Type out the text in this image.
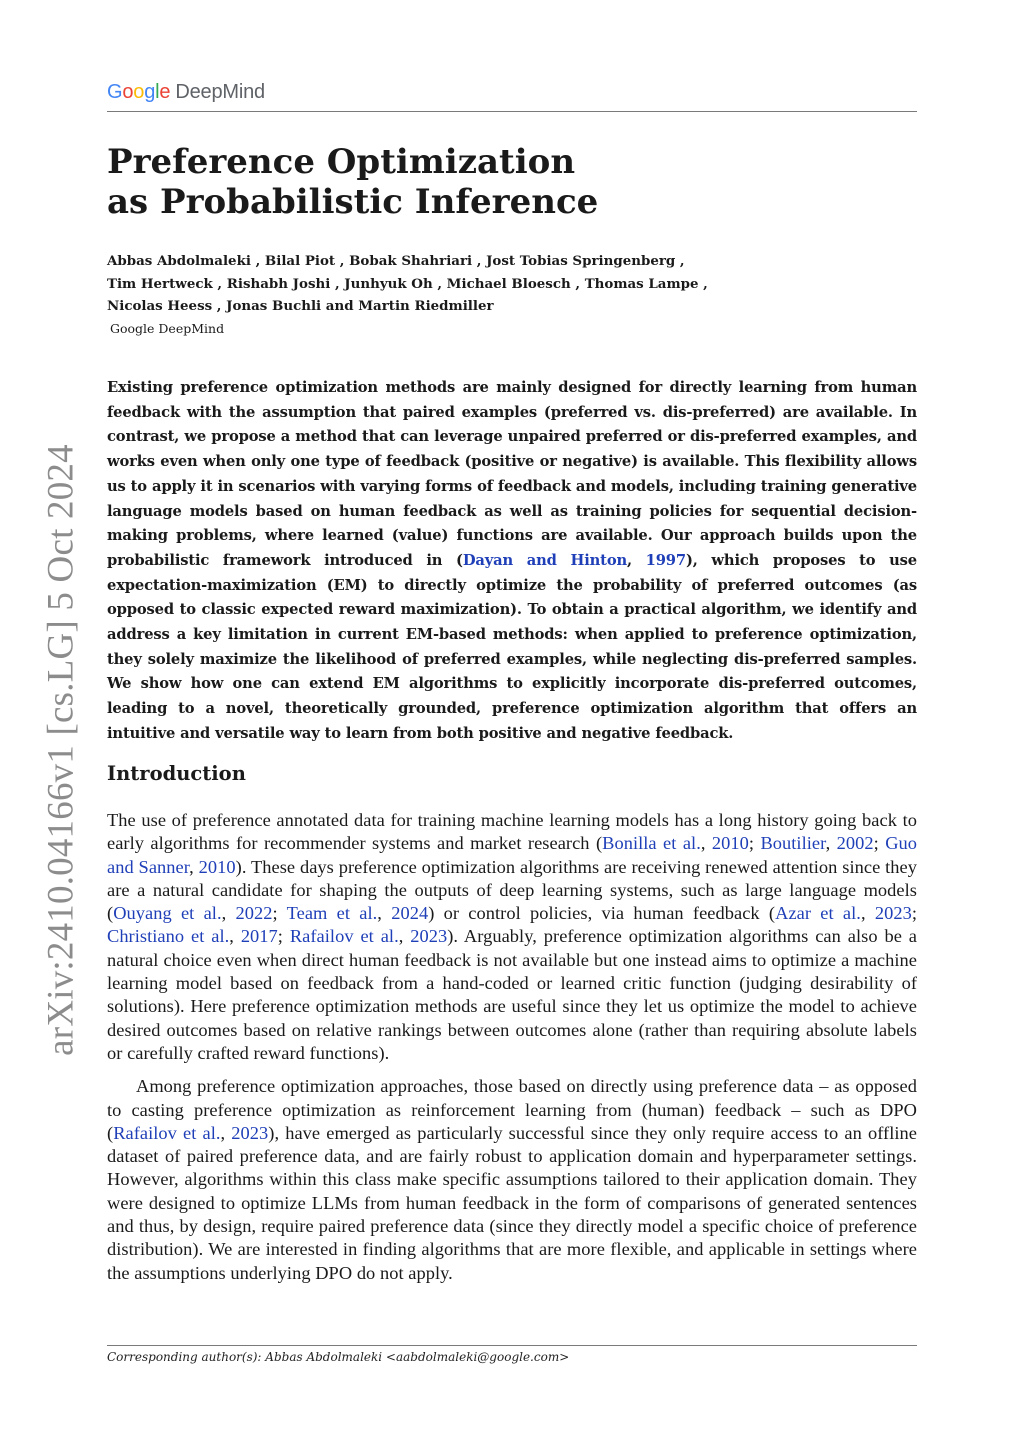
Google DeepMind
Preference Optimization
as Probabilistic Inference
Abbas Abdolmaleki , Bilal Piot , Bobak Shahriari , Jost Tobias Springenberg ,
Tim Hertweck , Rishabh Joshi , Junhyuk Oh , Michael Bloesch , Thomas Lampe ,
Nicolas Heess , Jonas Buchli and Martin Riedmiller
Google DeepMind

Existing preference optimization methods are mainly designed for directly learning from human feedback with the assumption that paired examples (preferred vs. dis-preferred) are available. In contrast, we propose a method that can leverage unpaired preferred or dis-preferred examples, and works even when only one type of feedback (positive or negative) is available. This flexibility allows us to apply it in scenarios with varying forms of feedback and models, including training generative language models based on human feedback as well as training policies for sequential decision-making problems, where learned (value) functions are available. Our approach builds upon the probabilistic framework introduced in (Dayan and Hinton, 1997), which proposes to use expectation-maximization (EM) to directly optimize the probability of preferred outcomes (as opposed to classic expected reward maximization). To obtain a practical algorithm, we identify and address a key limitation in current EM-based methods: when applied to preference optimization, they solely maximize the likelihood of preferred examples, while neglecting dis-preferred samples. We show how one can extend EM algorithms to explicitly incorporate dis-preferred outcomes, leading to a novel, theoretically grounded, preference optimization algorithm that offers an intuitive and versatile way to learn from both positive and negative feedback.

Introduction

The use of preference annotated data for training machine learning models has a long history going back to early algorithms for recommender systems and market research (Bonilla et al., 2010; Boutilier, 2002; Guo and Sanner, 2010). These days preference optimization algorithms are receiving renewed attention since they are a natural candidate for shaping the outputs of deep learning systems, such as large language models (Ouyang et al., 2022; Team et al., 2024) or control policies, via human feedback (Azar et al., 2023; Christiano et al., 2017; Rafailov et al., 2023). Arguably, preference optimization algorithms can also be a natural choice even when direct human feedback is not available but one instead aims to optimize a machine learning model based on feedback from a hand-coded or learned critic function (judging desirability of solutions). Here preference optimization methods are useful since they let us optimize the model to achieve desired outcomes based on relative rankings between outcomes alone (rather than requiring absolute labels or carefully crafted reward functions).

Among preference optimization approaches, those based on directly using preference data – as opposed to casting preference optimization as reinforcement learning from (human) feedback – such as DPO (Rafailov et al., 2023), have emerged as particularly successful since they only require access to an offline dataset of paired preference data, and are fairly robust to application domain and hyperparameter settings. However, algorithms within this class make specific assumptions tailored to their application domain. They were designed to optimize LLMs from human feedback in the form of comparisons of generated sentences and thus, by design, require paired preference data (since they directly model a specific choice of preference distribution). We are interested in finding algorithms that are more flexible, and applicable in settings where the assumptions underlying DPO do not apply.

arXiv:2410.04166v1 [cs.LG] 5 Oct 2024
Corresponding author(s): Abbas Abdolmaleki <aabdolmaleki@google.com>
